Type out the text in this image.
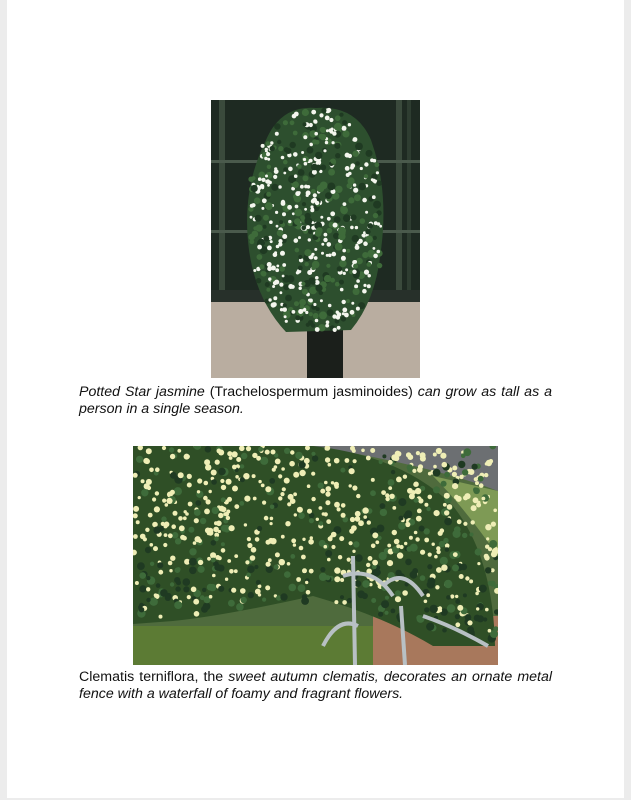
Potted Star jasmine (Trachelospermum jasminoides) can grow as tall as a person in a single season.
Clematis terniflora, the sweet autumn clematis, decorates an ornate metal fence with a waterfall of foamy and fragrant flowers.
